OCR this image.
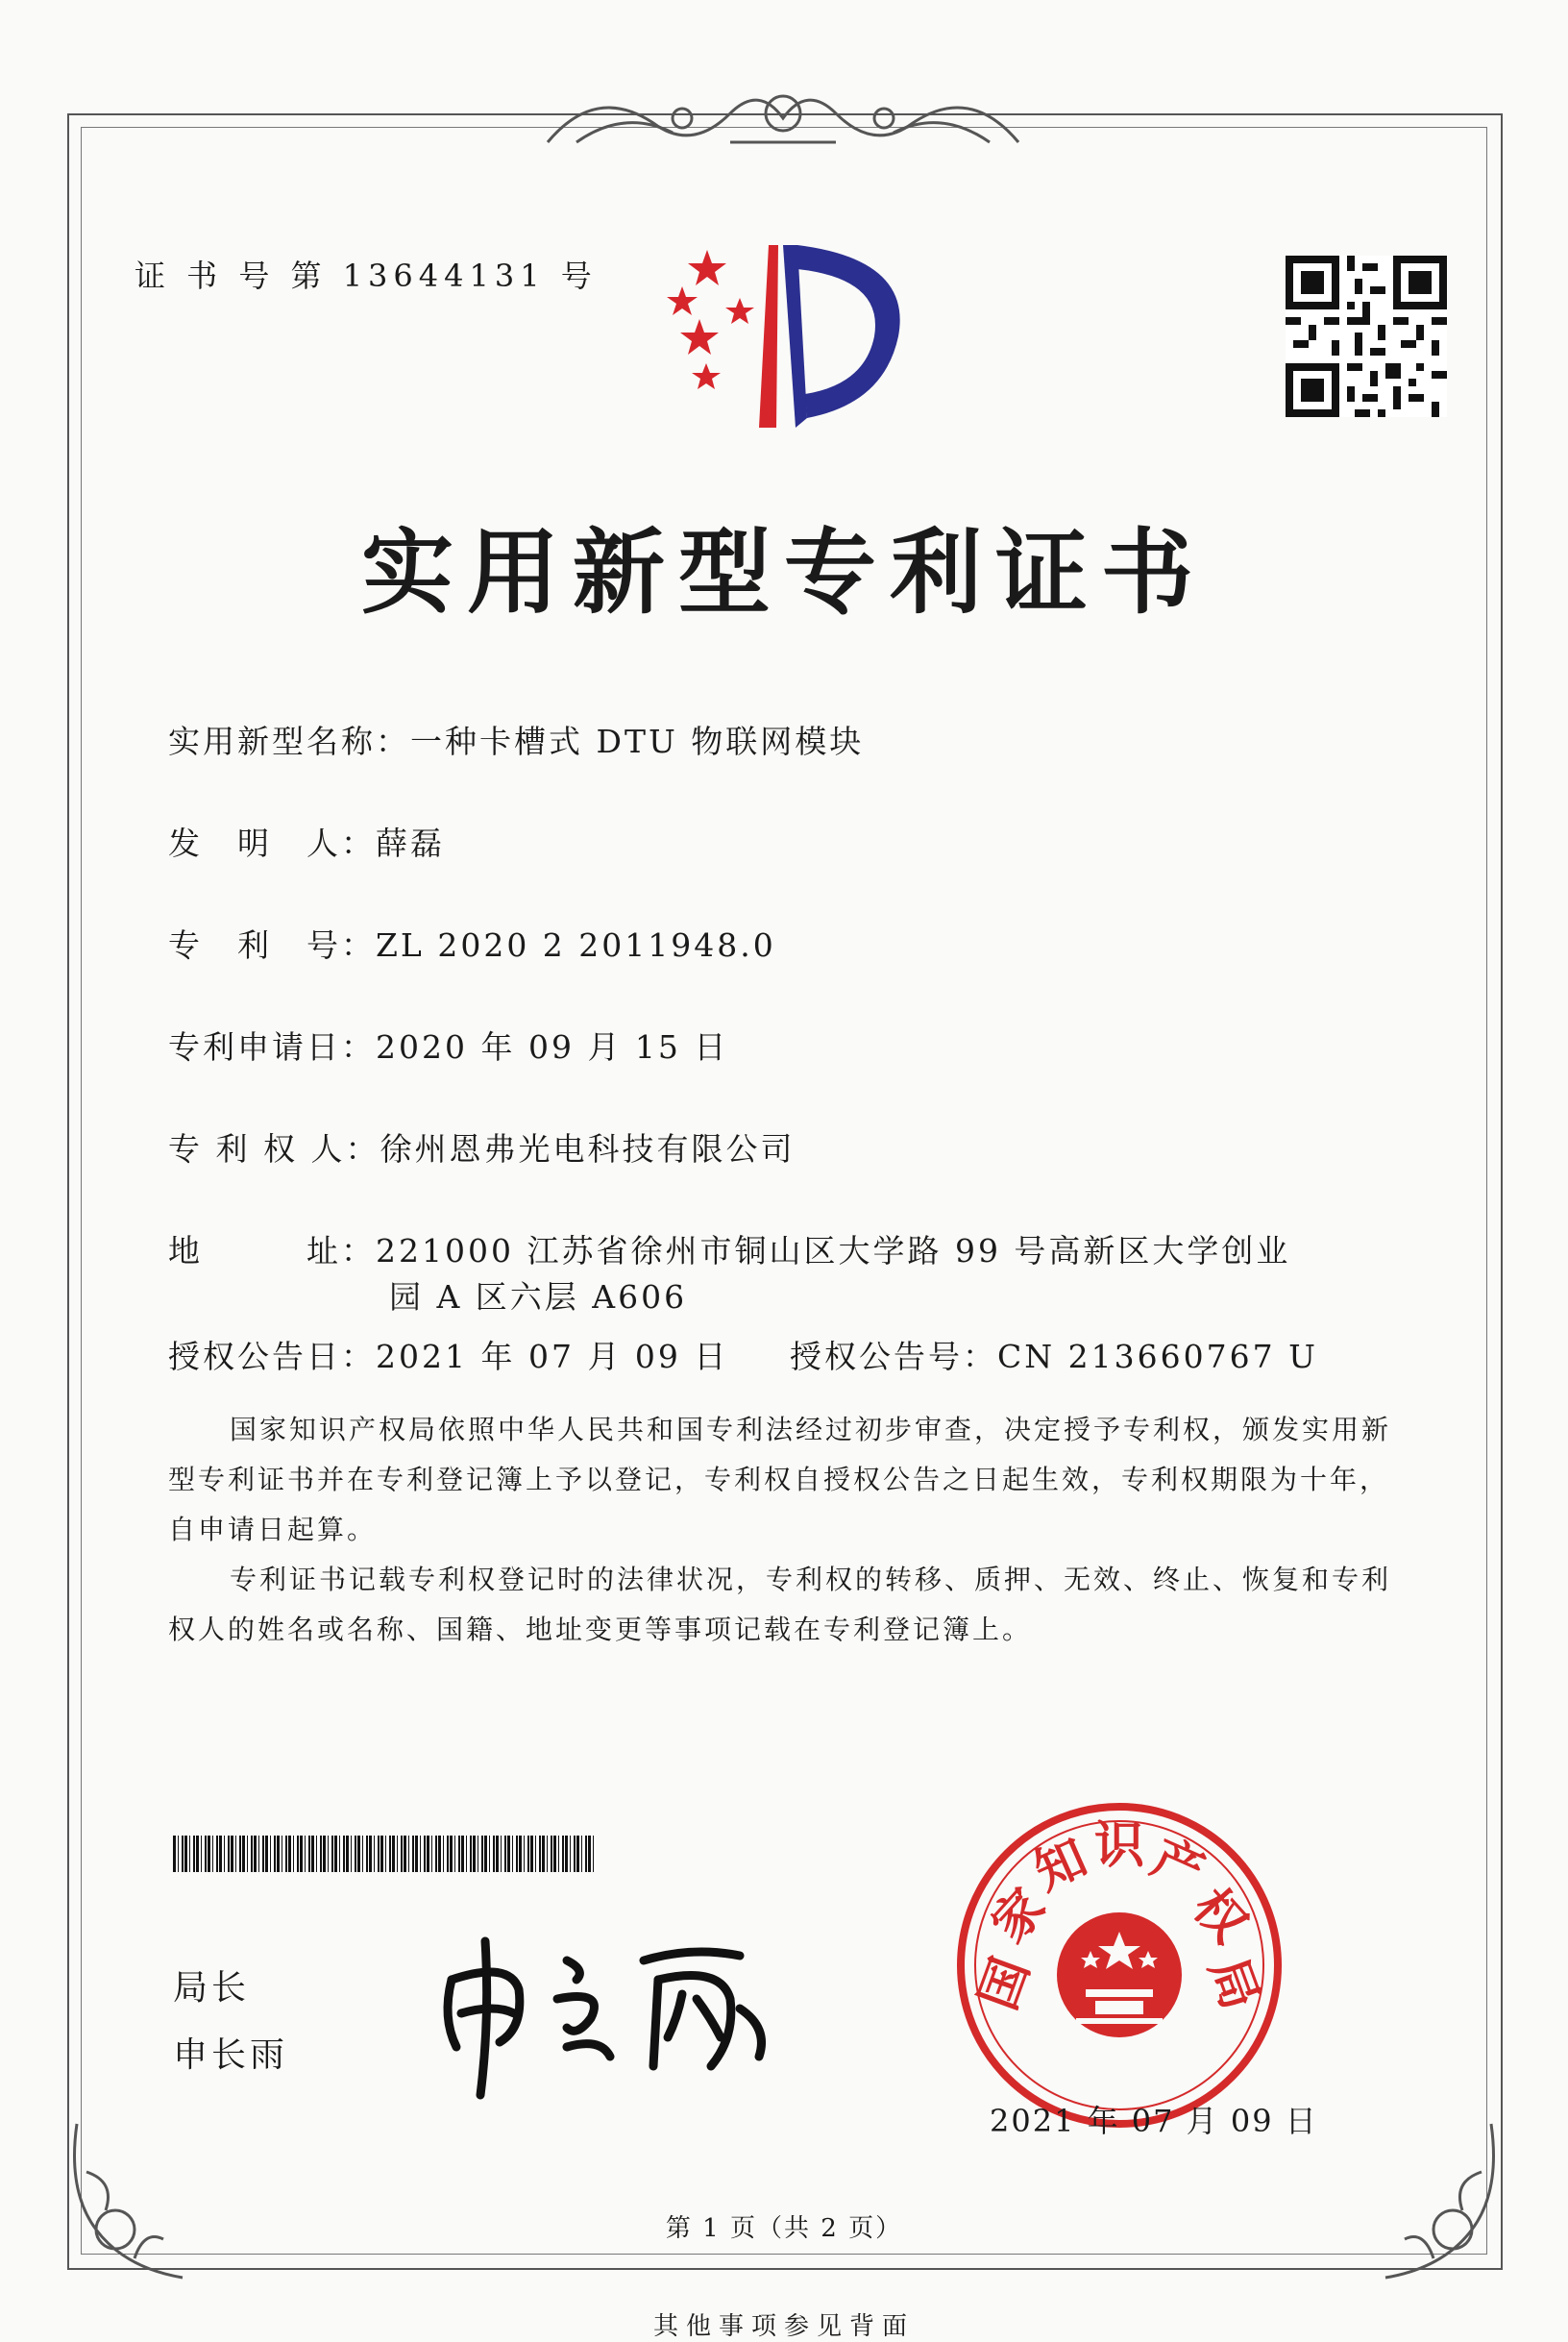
证 书 号 第 13644131 号
实用新型专利证书
实用新型名称：一种卡槽式 DTU 物联网模块
发　明　人：薛磊
专　利　号：ZL 2020 2 2011948.0
专利申请日：2020 年 09 月 15 日
专 利 权 人：徐州恩弗光电科技有限公司
地　　　址：221000 江苏省徐州市铜山区大学路 99 号高新区大学创业
园 A 区六层 A606
授权公告日：2021 年 07 月 09 日 授权公告号：CN 213660767 U

国家知识产权局依照中华人民共和国专利法经过初步审查，决定授予专利权，颁发实用新型专利证书并在专利登记簿上予以登记，专利权自授权公告之日起生效，专利权期限为十年，自申请日起算。

专利证书记载专利权登记时的法律状况，专利权的转移、质押、无效、终止、恢复和专利权人的姓名或名称、国籍、地址变更等事项记载在专利登记簿上。

局长
申长雨
国
家
知
识
产
权
局
2021 年 07 月 09 日
第 1 页（共 2 页）
其他事项参见背面
